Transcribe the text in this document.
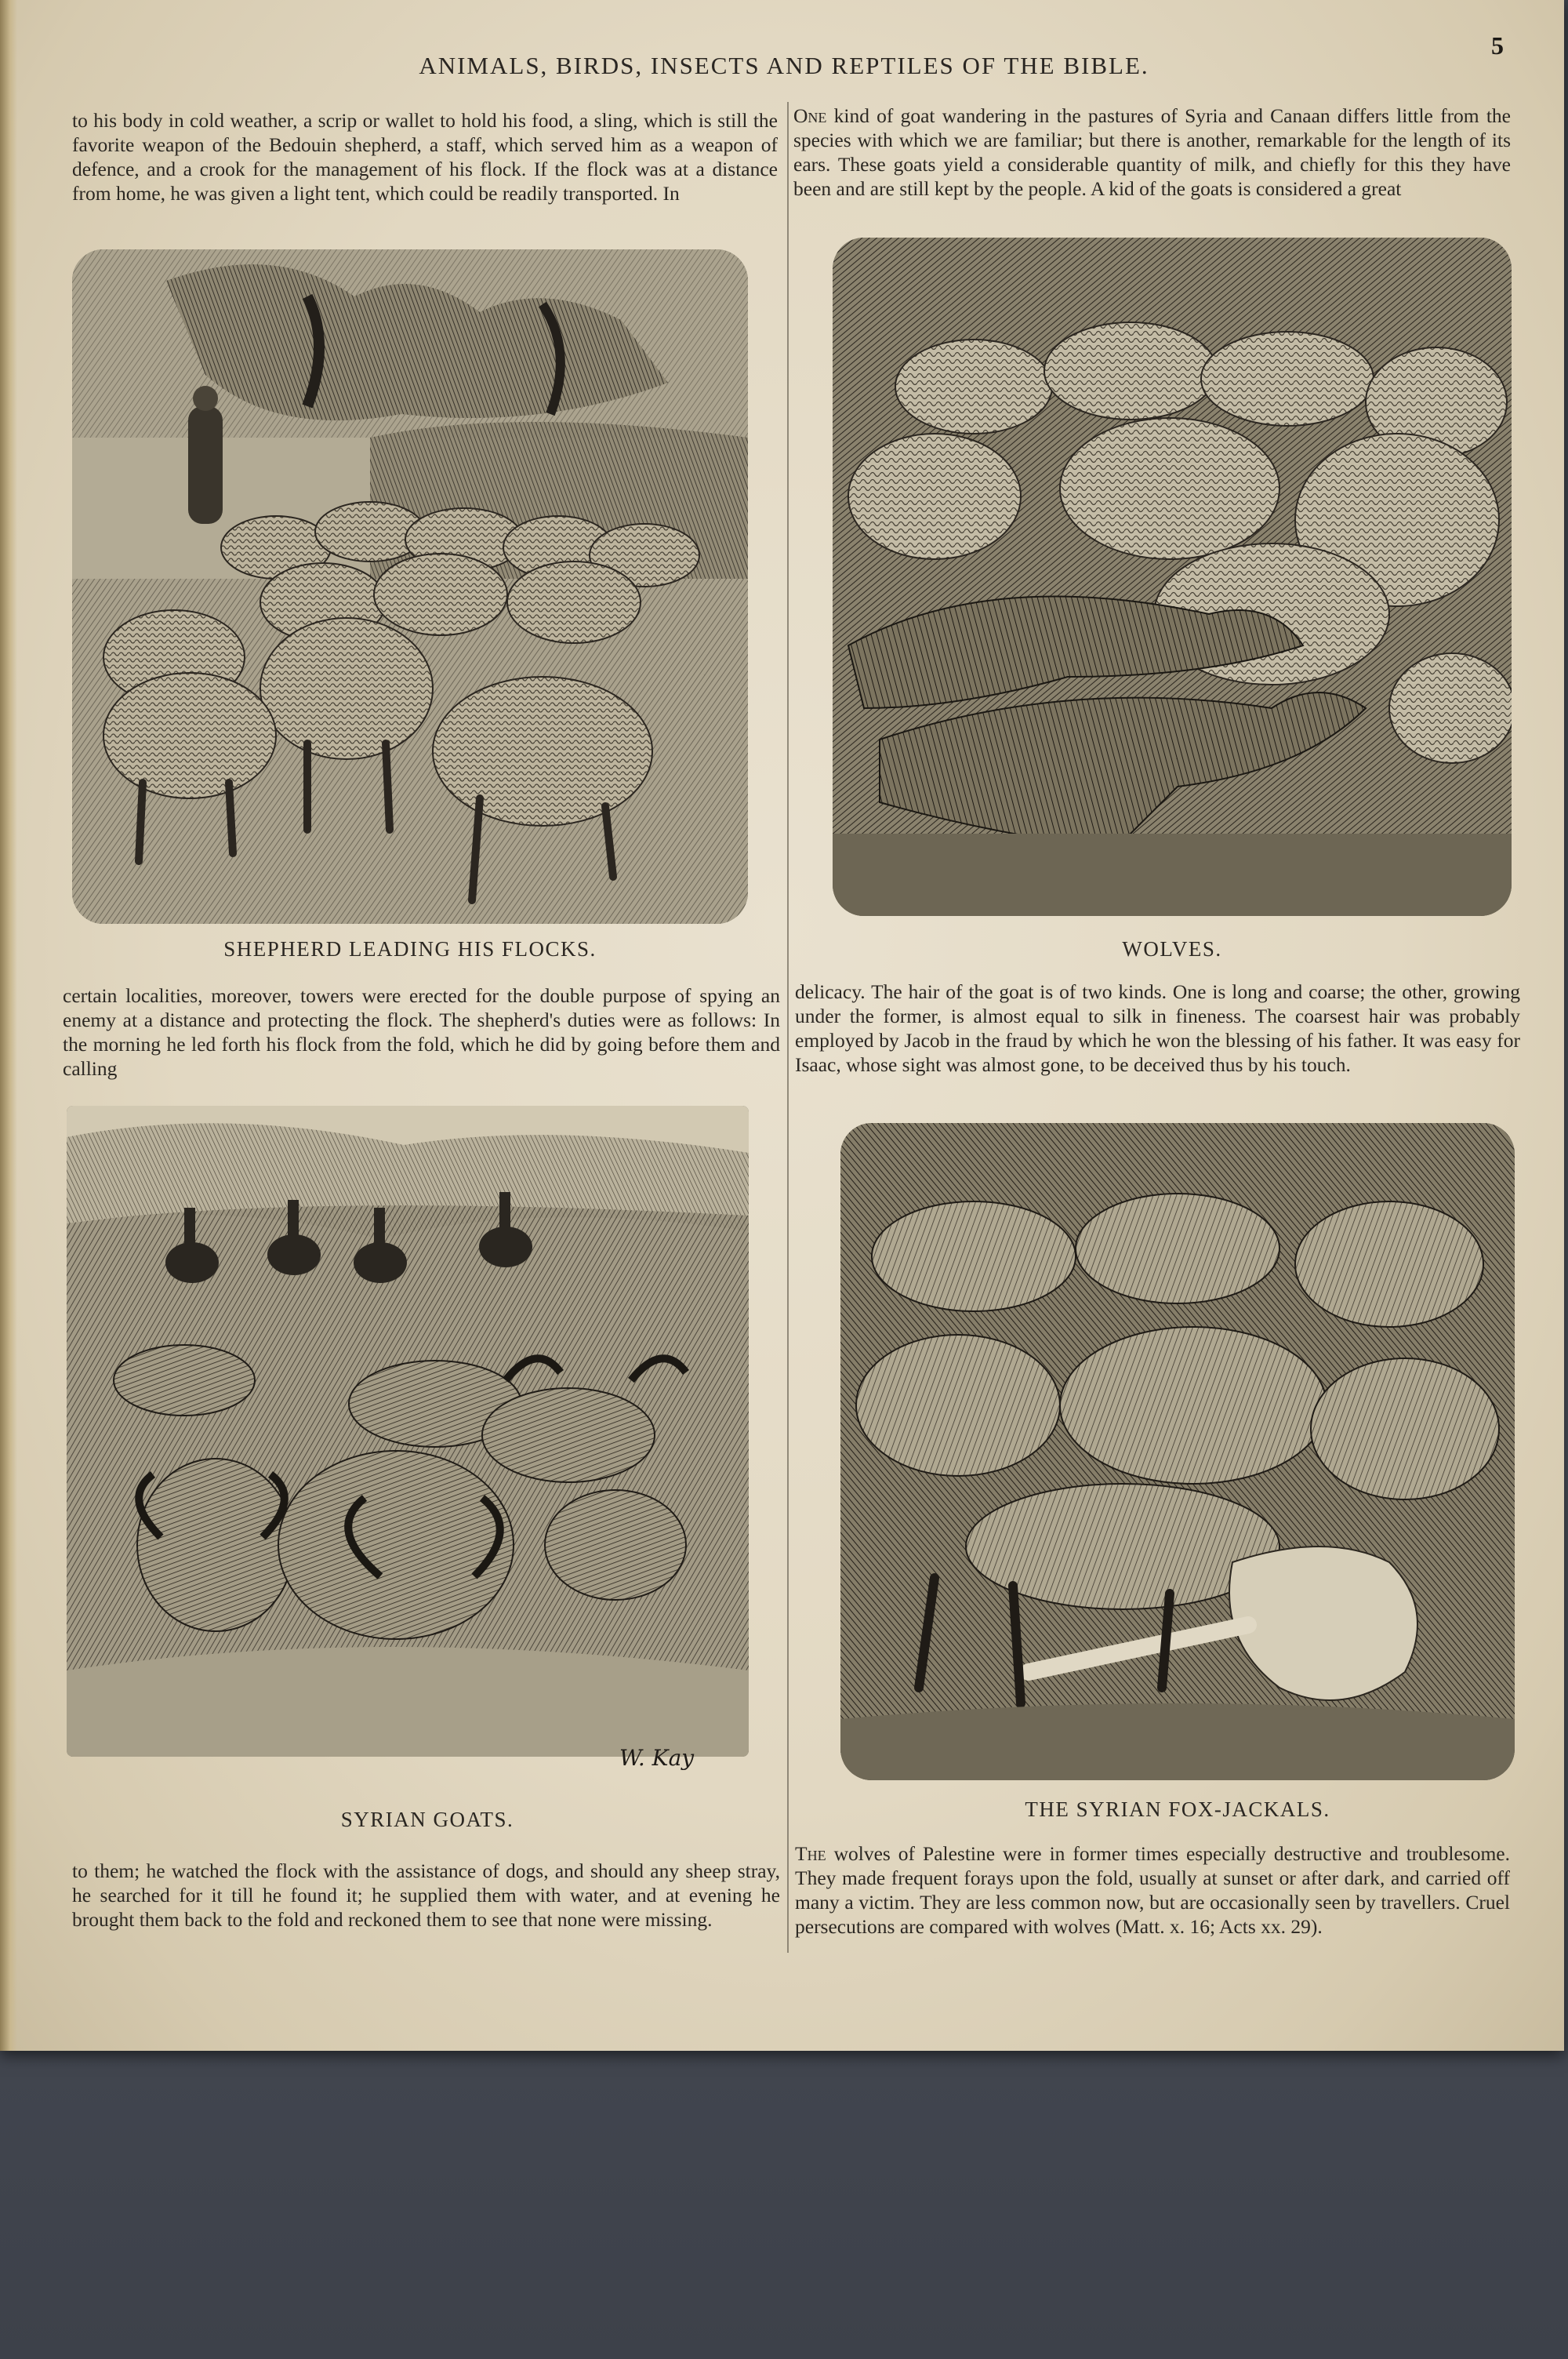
ANIMALS, BIRDS, INSECTS AND REPTILES OF THE BIBLE.
5

to his body in cold weather, a scrip or wallet to hold his food, a sling, which is still the favorite weapon of the Bedouin shepherd, a staff, which served him as a weapon of defence, and a crook for the management of his flock. If the flock was at a distance from home, he was given a light tent, which could be readily transported. In

One kind of goat wandering in the pastures of Syria and Canaan differs little from the species with which we are familiar; but there is another, remarkable for the length of its ears. These goats yield a considerable quantity of milk, and chiefly for this they have been and are still kept by the people. A kid of the goats is considered a great

SHEPHERD LEADING HIS FLOCKS.	WOLVES.

certain localities, moreover, towers were erected for the double purpose of spying an enemy at a distance and protecting the flock. The shepherd's duties were as follows: In the morning he led forth his flock from the fold, which he did by going before them and calling

delicacy. The hair of the goat is of two kinds. One is long and coarse; the other, growing under the former, is almost equal to silk in fineness. The coarsest hair was probably employed by Jacob in the fraud by which he won the blessing of his father. It was easy for Isaac, whose sight was almost gone, to be deceived thus by his touch.

W. Kay
SYRIAN GOATS.	THE SYRIAN FOX-JACKALS.

to them; he watched the flock with the assistance of dogs, and should any sheep stray, he searched for it till he found it; he supplied them with water, and at evening he brought them back to the fold and reckoned them to see that none were missing.

The wolves of Palestine were in former times especially destructive and troublesome. They made frequent forays upon the fold, usually at sunset or after dark, and carried off many a victim. They are less common now, but are occasionally seen by travellers. Cruel persecutions are compared with wolves (Matt. x. 16; Acts xx. 29).
